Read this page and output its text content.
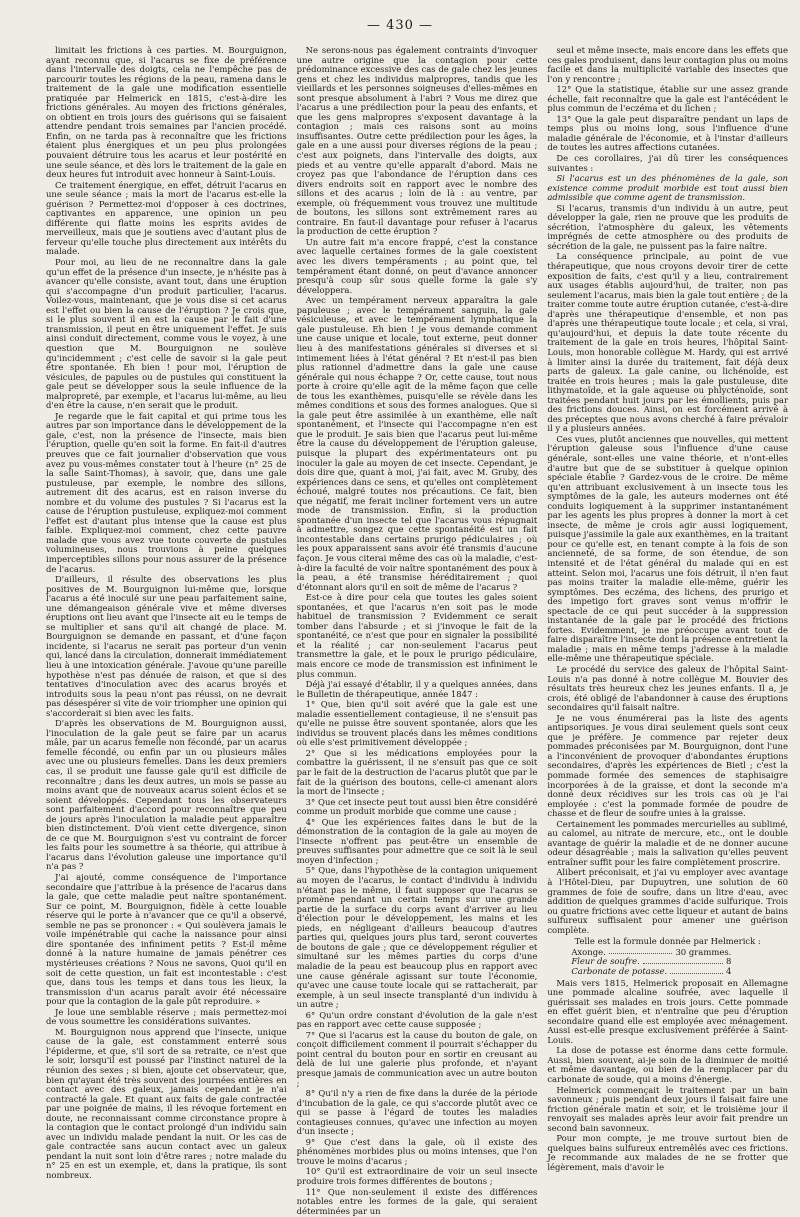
— 430 —

limitait les frictions à ces parties. M. Bourguignon, ayant reconnu que, si l'acarus se fixe de préférence dans l'intervalle des doigts, cela ne l'empêche pas de parcourir toutes les régions de la peau, ramena dans le traitement de la gale une modification essentielle pratiquée par Helmerick en 1815, c'est-à-dire les frictions générales. Au moyen des frictions générales, on obtient en trois jours des guérisons qui se faisaient attendre pendant trois semaines par l'ancien procédé. Enfin, on ne tarda pas à reconnaître que les frictions étaient plus énergiques et un peu plus prolongées pouvaient détruire tous les acarus et leur postérité en une seule séance, et dès lors le traitement de la gale en deux heures fut introduit avec honneur à Saint-Louis.

Ce traitement énergique, en effet, détruit l'acarus en une seule séance ; mais la mort de l'acarus est-elle la guérison ? Permettez-moi d'opposer à ces doctrines, captivantes en apparence, une opinion un peu différente qui flatte moins les esprits avides de merveilleux, mais que je soutiens avec d'autant plus de ferveur qu'elle touche plus directement aux intérêts du malade.

Pour moi, au lieu de ne reconnaître dans la gale qu'un effet de la présence d'un insecte, je n'hésite pas à avancer qu'elle consiste, avant tout, dans une éruption qui s'accompagne d'un produit particulier, l'acarus. Voilez-vous, maintenant, que je vous dise si cet acarus est l'effet ou bien la cause de l'éruption ? Je crois que, si le plus souvent il en est la cause par le fait d'une transmission, il peut en être uniquement l'effet. Je suis ainsi conduit directement, comme vous le voyez, à une question que M. Bourguignon ne soulève qu'incidemment ; c'est celle de savoir si la gale peut être spontanée. Eh bien ! pour moi, l'éruption de vésicules, de papules ou de pustules qui constituent la gale peut se développer sous la seule influence de la malpropreté, par exemple, et l'acarus lui-même, au lieu d'en être la cause, n'en serait que le produit.

Je regarde que le fait capital et qui prime tous les autres par son importance dans le développement de la gale, c'est, non la présence de l'insecte, mais bien l'éruption, quelle qu'en soit la forme. En fait-il d'autres preuves que ce fait journalier d'observation que vous avez pu vous-mêmes constater tout à l'heure (n° 25 de la salle Saint-Thomas), à savoir, que, dans une gale pustuleuse, par exemple, le nombre des sillons, autrement dit des acarus, est en raison inverse du nombre et du volume des pustules ? Si l'acarus est la cause de l'éruption pustuleuse, expliquez-moi comment l'effet est d'autant plus intense que la cause est plus faible. Expliquez-moi comment, chez cette pauvre malade que vous avez vue toute couverte de pustules volumineuses, nous trouvions à peine quelques imperceptibles sillons pour nous assurer de la présence de l'acarus.

D'ailleurs, il résulte des observations les plus positives de M. Bourguignon lui-même que, lorsque l'acarus a été inoculé sur une peau parfaitement saine, une démangeaison générale vive et même diverses éruptions ont lieu avant que l'insecte ait eu le temps de se multiplier et sans qu'il ait changé de place. M. Bourguignon se demande en passant, et d'une façon incidente, si l'acarus ne serait pas porteur d'un venin qui, lancé dans la circulation, donnerait immédiatement lieu à une intoxication générale. J'avoue qu'une pareille hypothèse n'est pas dénuée de raison, et que si des tentatives d'inoculation avec des acarus broyés et introduits sous la peau n'ont pas réussi, on ne devrait pas désespérer si vite de voir triompher une opinion qui s'accorderait si bien avec les faits.

D'après les observations de M. Bourguignon aussi, l'inoculation de la gale peut se faire par un acarus mâle, par un acarus femelle non fécondé, par un acarus femelle fécondé, ou enfin par un ou plusieurs mâles avec une ou plusieurs femelles. Dans les deux premiers cas, il se produit une fausse gale qu'il est difficile de reconnaître ; dans les deux autres, un mois se passe au moins avant que de nouveaux acarus soient éclos et se soient développés. Cependant tous les observateurs sont parfaitement d'accord pour reconnaître que peu de jours après l'inoculation la maladie peut apparaître bien distinctement. D'où vient cette divergence, sinon de ce que M. Bourguignon s'est vu contraint de forcer les faits pour les soumettre à sa théorie, qui attribue à l'acarus dans l'évolution galeuse une importance qu'il n'a pas ?

J'ai ajouté, comme conséquence de l'importance secondaire que j'attribue à la présence de l'acarus dans la gale, que cette maladie peut naître spontanément. Sur ce point, M. Bourguignon, fidèle à cette louable réserve qui le porte à n'avancer que ce qu'il a observé, semble ne pas se prononcer : « Qui soulèvera jamais le voile impénétrable qui cache la naissance pour ainsi dire spontanée des infiniment petits ? Est-il même donné à la nature humaine de jamais pénétrer ces mystérieuses créations ? Nous ne savons, Quoi qu'il en soit de cette question, un fait est incontestable : c'est que, dans tous les temps et dans tous les lieux, la transmission d'un acarus paraît avoir été nécessaire pour que la contagion de la gale pût reproduire. »

Je loue une semblable réserve ; mais permettez-moi de vous soumettre les considérations suivantes.

M. Bourguignon nous apprend que l'insecte, unique cause de la gale, est constamment enterré sous l'épiderme, et que, s'il sort de sa retraite, ce n'est que le soir, lorsqu'il est poussé par l'instinct naturel de la réunion des sexes ; si bien, ajoute cet observateur, que, bien qu'ayant été très souvent des journées entières en contact avec des galeux, jamais cependant je n'ai contracté la gale. Et quant aux faits de gale contractée par une poignée de mains, il les révoque fortement en doute, ne reconnaissant comme circonstance propre à la contagion que le contact prolongé d'un individu sain avec un individu malade pendant la nuit. Or les cas de gale contractée sans aucun contact avec un galeux pendant la nuit sont loin d'être rares ; notre malade du n° 25 en est un exemple, et, dans la pratique, ils sont nombreux.

Ne serons-nous pas également contraints d'invoquer une autre origine que la contagion pour cette prédominance excessive des cas de gale chez les jeunes gens et chez les individus malpropres, tandis que les vieillards et les personnes soigneuses d'elles-mêmes en sont presque absolument à l'abri ? Vous me direz que l'acarus a une prédilection pour la peau des enfants, et que les gens malpropres s'exposent davantage à la contagion ; mais ces raisons sont au moins insuffisantes. Outre cette prédilection pour les âges, la gale en a une aussi pour diverses régions de la peau ; c'est aux poignets, dans l'intervalle des doigts, aux pieds et au ventre qu'elle apparaît d'abord. Mais ne croyez pas que l'abondance de l'éruption dans ces divers endroits soit en rapport avec le nombre des sillons et des acarus ; loin de là : au ventre, par exemple, où fréquemment vous trouvez une multitude de boutons, les sillons sont extrêmement rares au contraire. En faut-il davantage pour refuser à l'acarus la production de cette éruption ?

Un autre fait m'a encore frappé, c'est la constance avec laquelle certaines formes de la gale coexistent avec les divers tempéraments ; au point que, tel tempérament étant donné, on peut d'avance annoncer presqu'à coup sûr sous quelle forme la gale s'y développera.

Avec un tempérament nerveux apparaîtra la gale papuleuse ; avec le tempérament sanguin, la gale vésiculeuse, et avec le tempérament lymphatique la gale pustuleuse. Eh bien ! je vous demande comment une cause unique et locale, tout externe, peut donner lieu à des manifestations générales si diverses et si intimement liées à l'état général ? Et n'est-il pas bien plus rationnel d'admettre dans la gale une cause générale qui nous échappe ? Or, cette cause, tout nous porte à croire qu'elle agit de la même façon que celle de tous les exanthèmes, puisqu'elle se révèle dans les mêmes conditions et sous des formes analogues. Que si la gale peut être assimilée à un exanthème, elle naît spontanément, et l'insecte qui l'accompagne n'en est que le produit. Je sais bien que l'acarus peut lui-même être la cause du développement de l'éruption galeuse, puisque la plupart des expérimentateurs ont pu inoculer la gale au moyen de cet insecte. Cependant, je dois dire que, quant à moi, j'ai fait, avec M. Gruby, des expériences dans ce sens, et qu'elles ont complètement échoué, malgré toutes nos précautions. Ce fait, bien que négatif, me ferait incliner fortement vers un autre mode de transmission. Enfin, si la production spontanée d'un insecte tel que l'acarus vous répugnait à admettre, songez que cette spontanéité est un fait incontestable dans certains prurigo pédiculaires ; où les poux apparaissent sans avoir été transmis d'aucune façon. Je vous citerai même des cas où la maladie, c'est-à-dire la faculté de voir naître spontanément des poux à la peau, a été transmise héréditairement ; quoi d'étonnant alors qu'il en soit de même de l'acarus ?

Est-ce à dire pour cela que toutes les gales soient spontanées, et que l'acarus n'en soit pas le mode habituel de transmission ? Evidemment ce serait tomber dans l'absurde ; et si j'invoque le fait de la spontanéité, ce n'est que pour en signaler la possibilité et la réalité ; car non-seulement l'acarus peut transmettre la gale, et le poux le prurigo pédiculaire, mais encore ce mode de transmission est infiniment le plus commun.

Déjà j'ai essayé d'établir, il y a quelques années, dans le Bulletin de thérapeutique, année 1847 :

1° Que, bien qu'il soit avéré que la gale est une maladie essentiellement contagieuse, il ne s'ensuit pas qu'elle ne puisse être souvent spontanée, alors que les individus se trouvent placés dans les mêmes conditions où elle s'est primitivement développée ;

2° Que si les médications employées pour la combattre la guérissent, il ne s'ensuit pas que ce soit par le fait de la destruction de l'acarus plutôt que par le fait de la guérison des boutons, celle-ci amenant alors la mort de l'insecte ;

3° Que cet insecte peut tout aussi bien être considéré comme un produit morbide que comme une cause ;

4° Que les expériences faites dans le but de la démonstration de la contagion de la gale au moyen de l'insecte n'offrent pas peut-être un ensemble de preuves suffisantes pour admettre que ce soit là le seul moyen d'infection ;

5° Que, dans l'hypothèse de la contagion uniquement au moyen de l'acarus, le contact d'individu à individu n'étant pas le même, il faut supposer que l'acarus se promène pendant un certain temps sur une grande partie de la surface du corps avant d'arriver au lieu d'élection pour le développement, les mains et les pieds, en négligeant d'ailleurs beaucoup d'autres parties qui, quelques jours plus tard, seront couvertes de boutons de gale ; que ce développement régulier et simultané sur les mêmes parties du corps d'une maladie de la peau est beaucoup plus en rapport avec une cause générale agissant sur toute l'économie, qu'avec une cause toute locale qui se rattacherait, par exemple, à un seul insecte transplanté d'un individu à un autre ;

6° Qu'un ordre constant d'évolution de la gale n'est pas en rapport avec cette cause supposée ;

7° Que si l'acarus est la cause du bouton de gale, on conçoit difficilement comment il pourrait s'échapper du point central du bouton pour en sortir en creusant au delà de lui une galerie plus profonde, et n'ayant presque jamais de communication avec un autre bouton ;

8° Qu'il n'y a rien de fixe dans la durée de la période d'incubation de la gale, ce qui s'accorde plutôt avec ce qui se passe à l'égard de toutes les maladies contagieuses connues, qu'avec une infection au moyen d'un insecte ;

9° Que c'est dans la gale, où il existe des phénomènes morbides plus ou moins intenses, que l'on trouve le moins d'acarus ;

10° Qu'il est extraordinaire de voir un seul insecte produire trois formes différentes de boutons ;

11° Que non-seulement il existe des différences notables entre les formes de la gale, qui seraient déterminées par un

seul et même insecte, mais encore dans les effets que ces gales produisent, dans leur contagion plus ou moins facile et dans la multiplicité variable des insectes que l'on y rencontre ;

12° Que la statistique, établie sur une assez grande échelle, fait reconnaître que la gale est l'antécédent le plus commun de l'eczéma et du lichen ;

13° Que la gale peut disparaître pendant un laps de temps plus ou moins long, sous l'influence d'une maladie générale de l'économie, et à l'instar d'ailleurs de toutes les autres affections cutanées.

De ces corollaires, j'ai dû tirer les conséquences suivantes :

Si l'acarus est un des phénomènes de la gale, son existence comme produit morbide est tout aussi bien admissible que comme agent de transmission.

Si l'acarus, transmis d'un individu à un autre, peut développer la gale, rien ne prouve que les produits de sécrétion, l'atmosphère du galeux, les vêtements imprégnés de cette atmosphère ou des produits de sécrétion de la gale, ne puissent pas la faire naître.

La conséquence principale, au point de vue thérapeutique, que nous croyons devoir tirer de cette exposition de faits, c'est qu'il y a lieu, contrairement aux usages établis aujourd'hui, de traiter, non pas seulement l'acarus, mais bien la gale tout entière ; de la traiter comme toute autre éruption cutanée, c'est-à-dire d'après une thérapeutique d'ensemble, et non pas d'après une thérapeutique toute locale ; et cela, si vrai, qu'aujourd'hui, et depuis la date toute récente du traitement de la gale en trois heures, l'hôpital Saint-Louis, mon honorable collègue M. Hardy, qui est arrivé à limiter ainsi la durée du traitement, fait déjà deux parts de galeux. La gale canine, ou lichénoïde, est traitée en trois heures ; mais la gale pustuleuse, dite lithymatoïde, et la gale aqueuse ou phlycténoïde, sont traitées pendant huit jours par les émollients, puis par des frictions douces. Ainsi, on est forcément arrivé à des préceptes que nous avons cherché à faire prévaloir il y a plusieurs années.

Ces vues, plutôt anciennes que nouvelles, qui mettent l'éruption galeuse sous l'influence d'une cause générale, sont-elles une vaine théorie, et n'ont-elles d'autre but que de se substituer à quelque opinion spéciale établie ? Gardez-vous de le croire. De même qu'en attribuant exclusivement à un insecte tous les symptômes de la gale, les auteurs modernes ont été conduits logiquement à la supprimer instantanément par les agents les plus propres à donner la mort à cet insecte, de même je crois agir aussi logiquement, puisque j'assimile la gale aux exanthèmes, en la traitant pour ce qu'elle est, en tenant compte à la fois de son ancienneté, de sa forme, de son étendue, de son intensité et de l'état général du malade qui en est atteint. Selon moi, l'acarus une fois détruit, il n'en faut pas moins traiter la maladie elle-même, guérir les symptômes. Des eczéma, des lichens, des prurigo et des impetigo fort graves sont venus m'offrir le spectacle de ce qui peut succéder à la suppression instantanée de la gale par le procédé des frictions fortes. Evidemment, je me préoccupe avant tout de faire disparaître l'insecte dont la présence entretient la maladie ; mais en même temps j'adresse à la maladie elle-même une thérapeutique spéciale.

Le procédé du service des galeux de l'hôpital Saint-Louis n'a pas donné à notre collègue M. Bouvier des résultats très heureux chez les jeunes enfants. Il a, je crois, été obligé de l'abandonner à cause des éruptions secondaires qu'il faisait naître.

Je ne vous énumérerai pas la liste des agents antipsoriques. Je vous dirai seulement quels sont ceux que je préfère. Je commence par rejeter deux pommades préconisées par M. Bourguignon, dont l'une a l'inconvénient de provoquer d'abondantes éruptions secondaires, d'après les expériences de Bietl ; c'est la pommade formée des semences de staphisaigre incorporées à de la graisse, et dont la seconde m'a donné deux récidives sur les trois cas où je l'ai employée : c'est la pommade formée de poudre de chasse et de fleur de soufre unies à la graisse.

Certainement les pommades mercurielles au sublimé, au calomel, au nitrate de mercure, etc., ont le double avantage de guérir la maladie et de ne donner aucune odeur désagréable ; mais la salivation qu'elles peuvent entraîner suffit pour les faire complètement proscrire.

Alibert préconisait, et j'ai vu employer avec avantage à l'Hôtel-Dieu, par Dupuytren, une solution de 60 grammes de foie de soufre, dans un litre d'eau, avec addition de quelques grammes d'acide sulfurique. Trois ou quatre frictions avec cette liqueur et autant de bains sulfureux suffisaient pour amener une guérison complète.

Telle est la formule donnée par Helmerick :
Axonge.	30 grammes.
Fleur de soufre.	8
Carbonate de potasse.	4

Mais vers 1815, Helmerick proposait en Allemagne une pommade alcaline soufrée, avec laquelle il guérissait ses malades en trois jours. Cette pommade en effet guérit bien, et n'entraîne que peu d'éruption secondaire quand elle est employée avec ménagement. Aussi est-elle presque exclusivement préférée à Saint-Louis.

La dose de potasse est énorme dans cette formule. Aussi, bien souvent, ai-je soin de la diminuer de moitié et même davantage, ou bien de la remplacer par du carbonate de soude, qui a moins d'énergie.

Helmerick commençait le traitement par un bain savonneux ; puis pendant deux jours il faisait faire une friction générale matin et soir, et le troisième jour il renvoyait ses malades après leur avoir fait prendre un second bain savonneux.

Pour mon compte, je me trouve surtout bien de quelques bains sulfureux entremêlés avec ces frictions. Je recommande aux malades de ne se frotter que légèrement, mais d'avoir le
